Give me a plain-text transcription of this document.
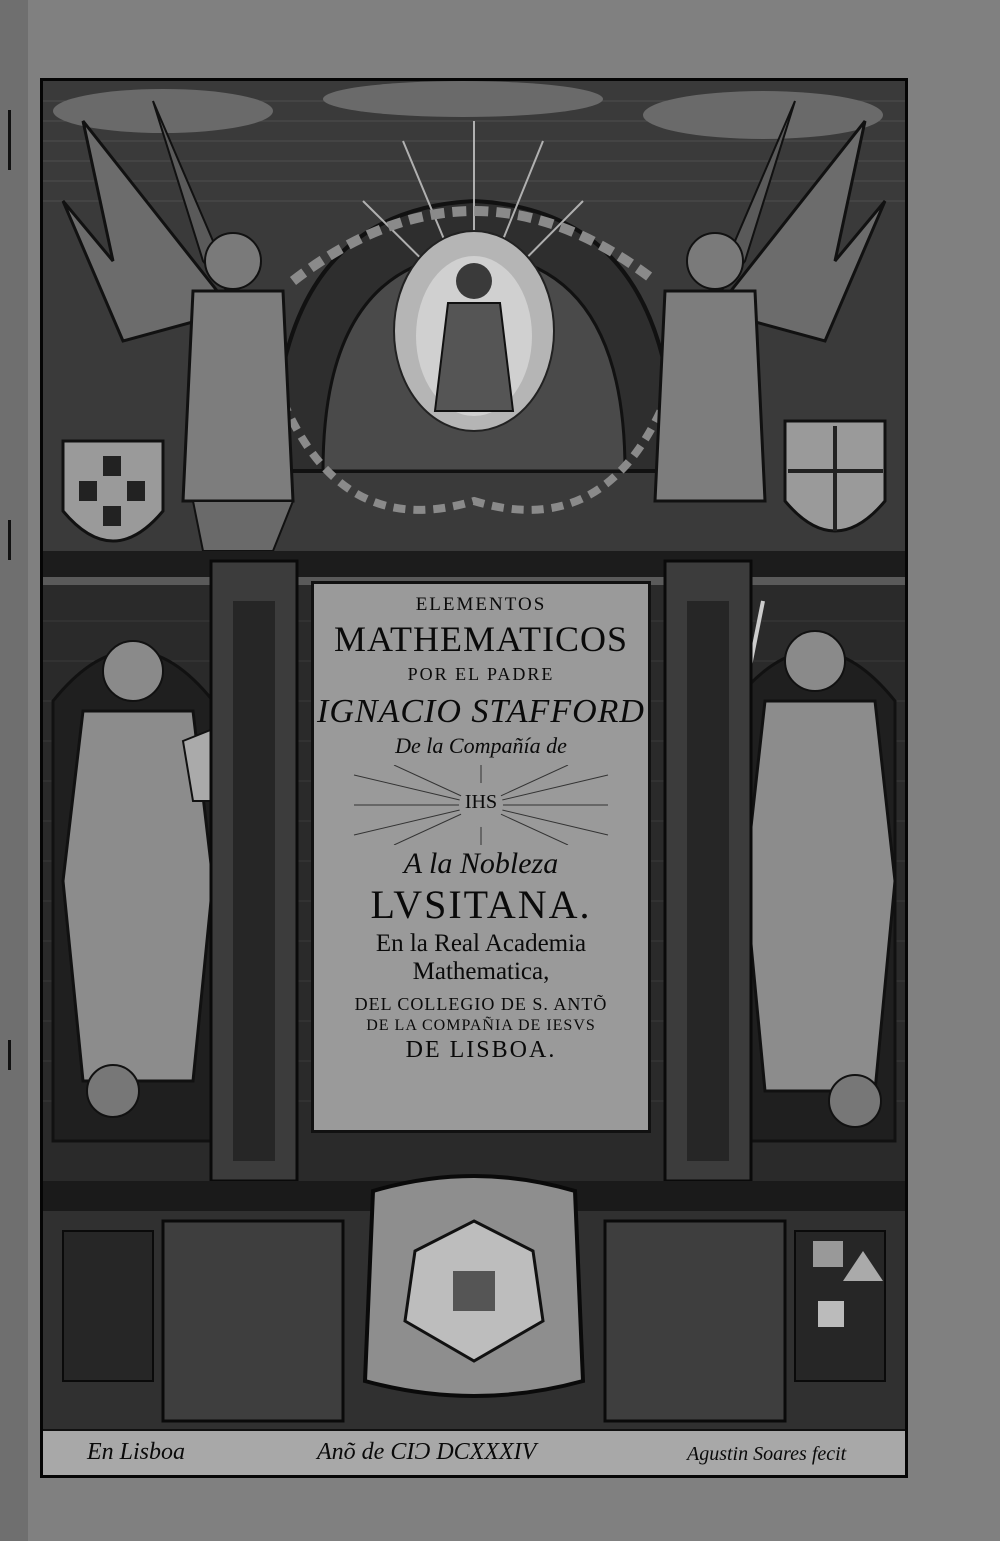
ELEMENTOS
MATHEMATICOS
POR EL PADRE
IGNACIO STAFFORD
De la Compañía de
IHS
A la Nobleza
LVSITANA.
En la Real Academia
Mathematica,
DEL COLLEGIO DE S. ANTÕ
DE LA COMPAÑIA DE IESVS
DE LISBOA.
En Lisboa	Anõ de CIƆ DCXXXIV	Agustin Soares fecit
